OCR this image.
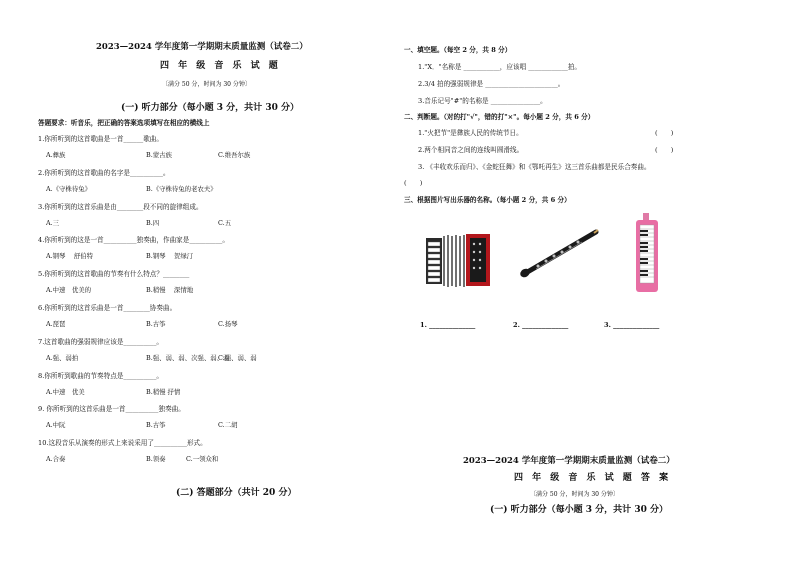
2023—2024 学年度第一学期期末质量监测（试卷二）
四 年 级 音 乐 试 题
〔满分 50 分，时间为 30 分钟〕
(一) 听力部分（每小题 3 分，共计 30 分）
答题要求：听音乐，把正确的答案选项填写在相应的横线上
1.你所听到的这首歌曲是一首______歌曲。
A.彝族	B.蒙古族	C.维吾尔族
2.你所听到的这首歌曲的名字是__________。
A.《守株待兔》	B.《守株待兔的老农夫》
3.你所听到的这首乐曲是由________段不同的旋律组成。
A.三	B.四	C.五
4.你所听到的这是一首__________独奏曲，作曲家是__________。
A.钢琴　 舒伯特	B.钢琴　 贺绿汀
5.你所听到的这首歌曲的节奏有什么特点？________
A.中速　优美的	B.稍慢　 深情地
6.你所听到的这首乐曲是一首________协奏曲。
A.琵琶	B.古筝	C.扬琴
7.这首歌曲的强弱规律应该是__________。
A.强、弱拍	B.强、弱、弱、次强、弱、弱
C.强、弱、弱
8.你所听到歌曲的节奏特点是__________。
A.中速　优美	B.稍慢 抒情
9. 你所听到的这首乐曲是一首__________独奏曲。
A.中阮	B.古筝	C.二胡
10.这段音乐从演奏的形式上来说采用了__________形式。
A.合奏	B.领奏	C.一领众和
(二) 答题部分（共计 20 分）
一、填空题。（每空 2 分，共 8 分）
1."X．"名称是 ___________，应该唱 ____________拍。
2.3/4 拍的强弱规律是 ______________________。
3.音乐记号"#"的名称是 _______________。
二、判断题。（对的打"√"，错的打"×"。每小题 2 分，共 6 分）
1."火把节"是彝族人民的传统节日。	(　　)
2.两个相同音之间的连线叫圆滑线。	(　　)
3. 《丰收欢乐而归》、《金蛇狂舞》和《鄂吒再生》这三首乐曲都是民乐合奏曲。
(　　)
三、根据图片写出乐器的名称。（每小题 2 分，共 6 分）
1. ______________	2. ______________	3. ______________
2023—2024 学年度第一学期期末质量监测（试卷二）
四 年 级 音 乐 试 题 答 案
〔满分 50 分，时间为 30 分钟〕
(一) 听力部分（每小题 3 分，共计 30 分）
